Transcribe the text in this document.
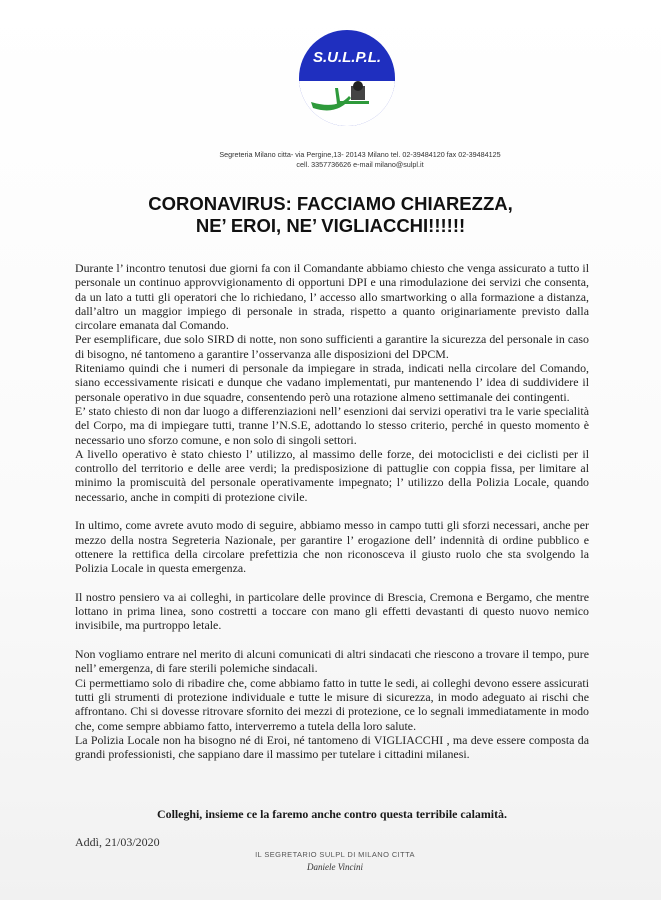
S.U.L.P.L.
Segreteria Milano citta- via Pergine,13- 20143 Milano tel. 02-39484120 fax 02-39484125
cell. 3357736626 e-mail milano@sulpl.it
CORONAVIRUS: FACCIAMO CHIAREZZA,
NE’ EROI, NE’ VIGLIACCHI!!!!!!

Durante l’ incontro tenutosi due giorni fa con il Comandante abbiamo chiesto che venga assicurato a tutto il personale un continuo approvvigionamento di opportuni DPI e una rimodulazione dei servizi che consenta, da un lato a tutti gli operatori che lo richiedano, l’ accesso allo smartworking o alla formazione a distanza, dall’altro un maggior impiego di personale in strada, rispetto a quanto originariamente previsto dalla circolare emanata dal Comando.

Per esemplificare, due solo SIRD di notte, non sono sufficienti a garantire la sicurezza del personale in caso di bisogno, né tantomeno a garantire l’osservanza alle disposizioni del DPCM.

Riteniamo quindi che i numeri di personale da impiegare in strada, indicati nella circolare del Comando, siano eccessivamente risicati e dunque che vadano implementati, pur mantenendo l’ idea di suddividere il personale operativo in due squadre, consentendo però una rotazione almeno settimanale dei contingenti.

E’ stato chiesto di non dar luogo a differenziazioni nell’ esenzioni dai servizi operativi tra le varie specialità del Corpo, ma di impiegare tutti, tranne l’N.S.E, adottando lo stesso criterio, perché in questo momento è necessario uno sforzo comune, e non solo di singoli settori.

A livello operativo è stato chiesto l’ utilizzo, al massimo delle forze, dei motociclisti e dei ciclisti per il controllo del territorio e delle aree verdi; la predisposizione di pattuglie con coppia fissa, per limitare al minimo la promiscuità del personale operativamente impegnato; l’ utilizzo della Polizia Locale, quando necessario, anche in compiti di protezione civile.

In ultimo, come avrete avuto modo di seguire, abbiamo messo in campo tutti gli sforzi necessari, anche per mezzo della nostra Segreteria Nazionale, per garantire l’ erogazione dell’ indennità di ordine pubblico e ottenere la rettifica della circolare prefettizia che non riconosceva il giusto ruolo che sta svolgendo la Polizia Locale in questa emergenza.

Il nostro pensiero va ai colleghi, in particolare delle province di Brescia, Cremona e Bergamo, che mentre lottano in prima linea, sono costretti a toccare con mano gli effetti devastanti di questo nuovo nemico invisibile, ma purtroppo letale.

Non vogliamo entrare nel merito di alcuni comunicati di altri sindacati che riescono a trovare il tempo, pure nell’ emergenza, di fare sterili polemiche sindacali.

Ci permettiamo solo di ribadire che, come abbiamo fatto in tutte le sedi, ai colleghi devono essere assicurati tutti gli strumenti di protezione individuale e tutte le misure di sicurezza, in modo adeguato ai rischi che affrontano. Chi si dovesse ritrovare sfornito dei mezzi di protezione, ce lo segnali immediatamente in modo che, come sempre abbiamo fatto, interverremo a tutela della loro salute.

La Polizia Locale non ha bisogno né di Eroi, né tantomeno di VIGLIACCHI , ma deve essere composta da grandi professionisti, che sappiano dare il massimo per tutelare i cittadini milanesi.

Colleghi, insieme ce la faremo anche contro questa terribile calamità.
Addì, 21/03/2020
IL SEGRETARIO SULPL DI MILANO CITTA
Daniele Vincini
